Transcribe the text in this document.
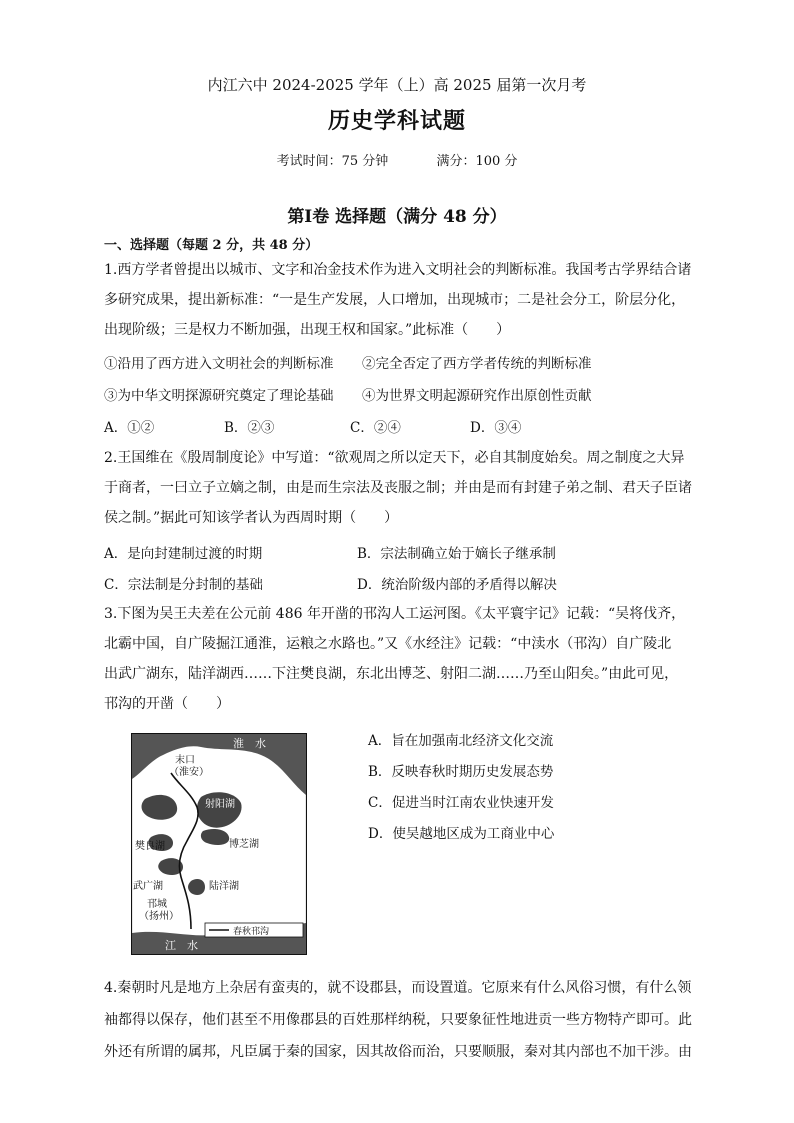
内江六中 2024-2025 学年（上）高 2025 届第一次月考
历史学科试题
考试时间：75 分钟	满分：100 分
第Ⅰ卷 选择题（满分 48 分）
一、选择题（每题 2 分，共 48 分）
1.西方学者曾提出以城市、文字和冶金技术作为进入文明社会的判断标准。我国考古学界结合诸
多研究成果，提出新标准：“一是生产发展，人口增加，出现城市；二是社会分工，阶层分化，
出现阶级；三是权力不断加强，出现王权和国家。”此标准（　　）
①沿用了西方进入文明社会的判断标准 ②完全否定了西方学者传统的判断标准
③为中华文明探源研究奠定了理论基础 ④为世界文明起源研究作出原创性贡献
A．①②	B．②③	C．②④	D．③④
2.王国维在《殷周制度论》中写道：“欲观周之所以定天下，必自其制度始矣。周之制度之大异
于商者，一曰立子立嫡之制，由是而生宗法及丧服之制；并由是而有封建子弟之制、君天子臣诸
侯之制。”据此可知该学者认为西周时期（　　）
A．是向封建制过渡的时期	B．宗法制确立始于嫡长子继承制
C．宗法制是分封制的基础	D．统治阶级内部的矛盾得以解决
3.下图为吴王夫差在公元前 486 年开凿的邗沟人工运河图。《太平寰宇记》记载：“吴将伐齐，
北霸中国，自广陵掘江通淮，运粮之水路也。”又《水经注》记载：“中渎水（邗沟）自广陵北
出武广湖东，陆洋湖西……下注樊良湖，东北出博芝、射阳二湖……乃至山阳矣。”由此可见，
邗沟的开凿（　　）
A．旨在加强南北经济文化交流
B．反映春秋时期历史发展态势
C．促进当时江南农业快速开发
D．使吴越地区成为工商业中心
淮　水
末口
（淮安）
射阳湖
樊良湖	博芝湖
武广湖	陆洋湖
邗城
（扬州）
春秋邗沟
江　水
4.秦朝时凡是地方上杂居有蛮夷的，就不设郡县，而设置道。它原来有什么风俗习惯，有什么领
袖都得以保存，他们甚至不用像郡县的百姓那样纳税，只要象征性地进贡一些方物特产即可。此
外还有所谓的属邦，凡臣属于秦的国家，因其故俗而治，只要顺服，秦对其内部也不加干涉。由
